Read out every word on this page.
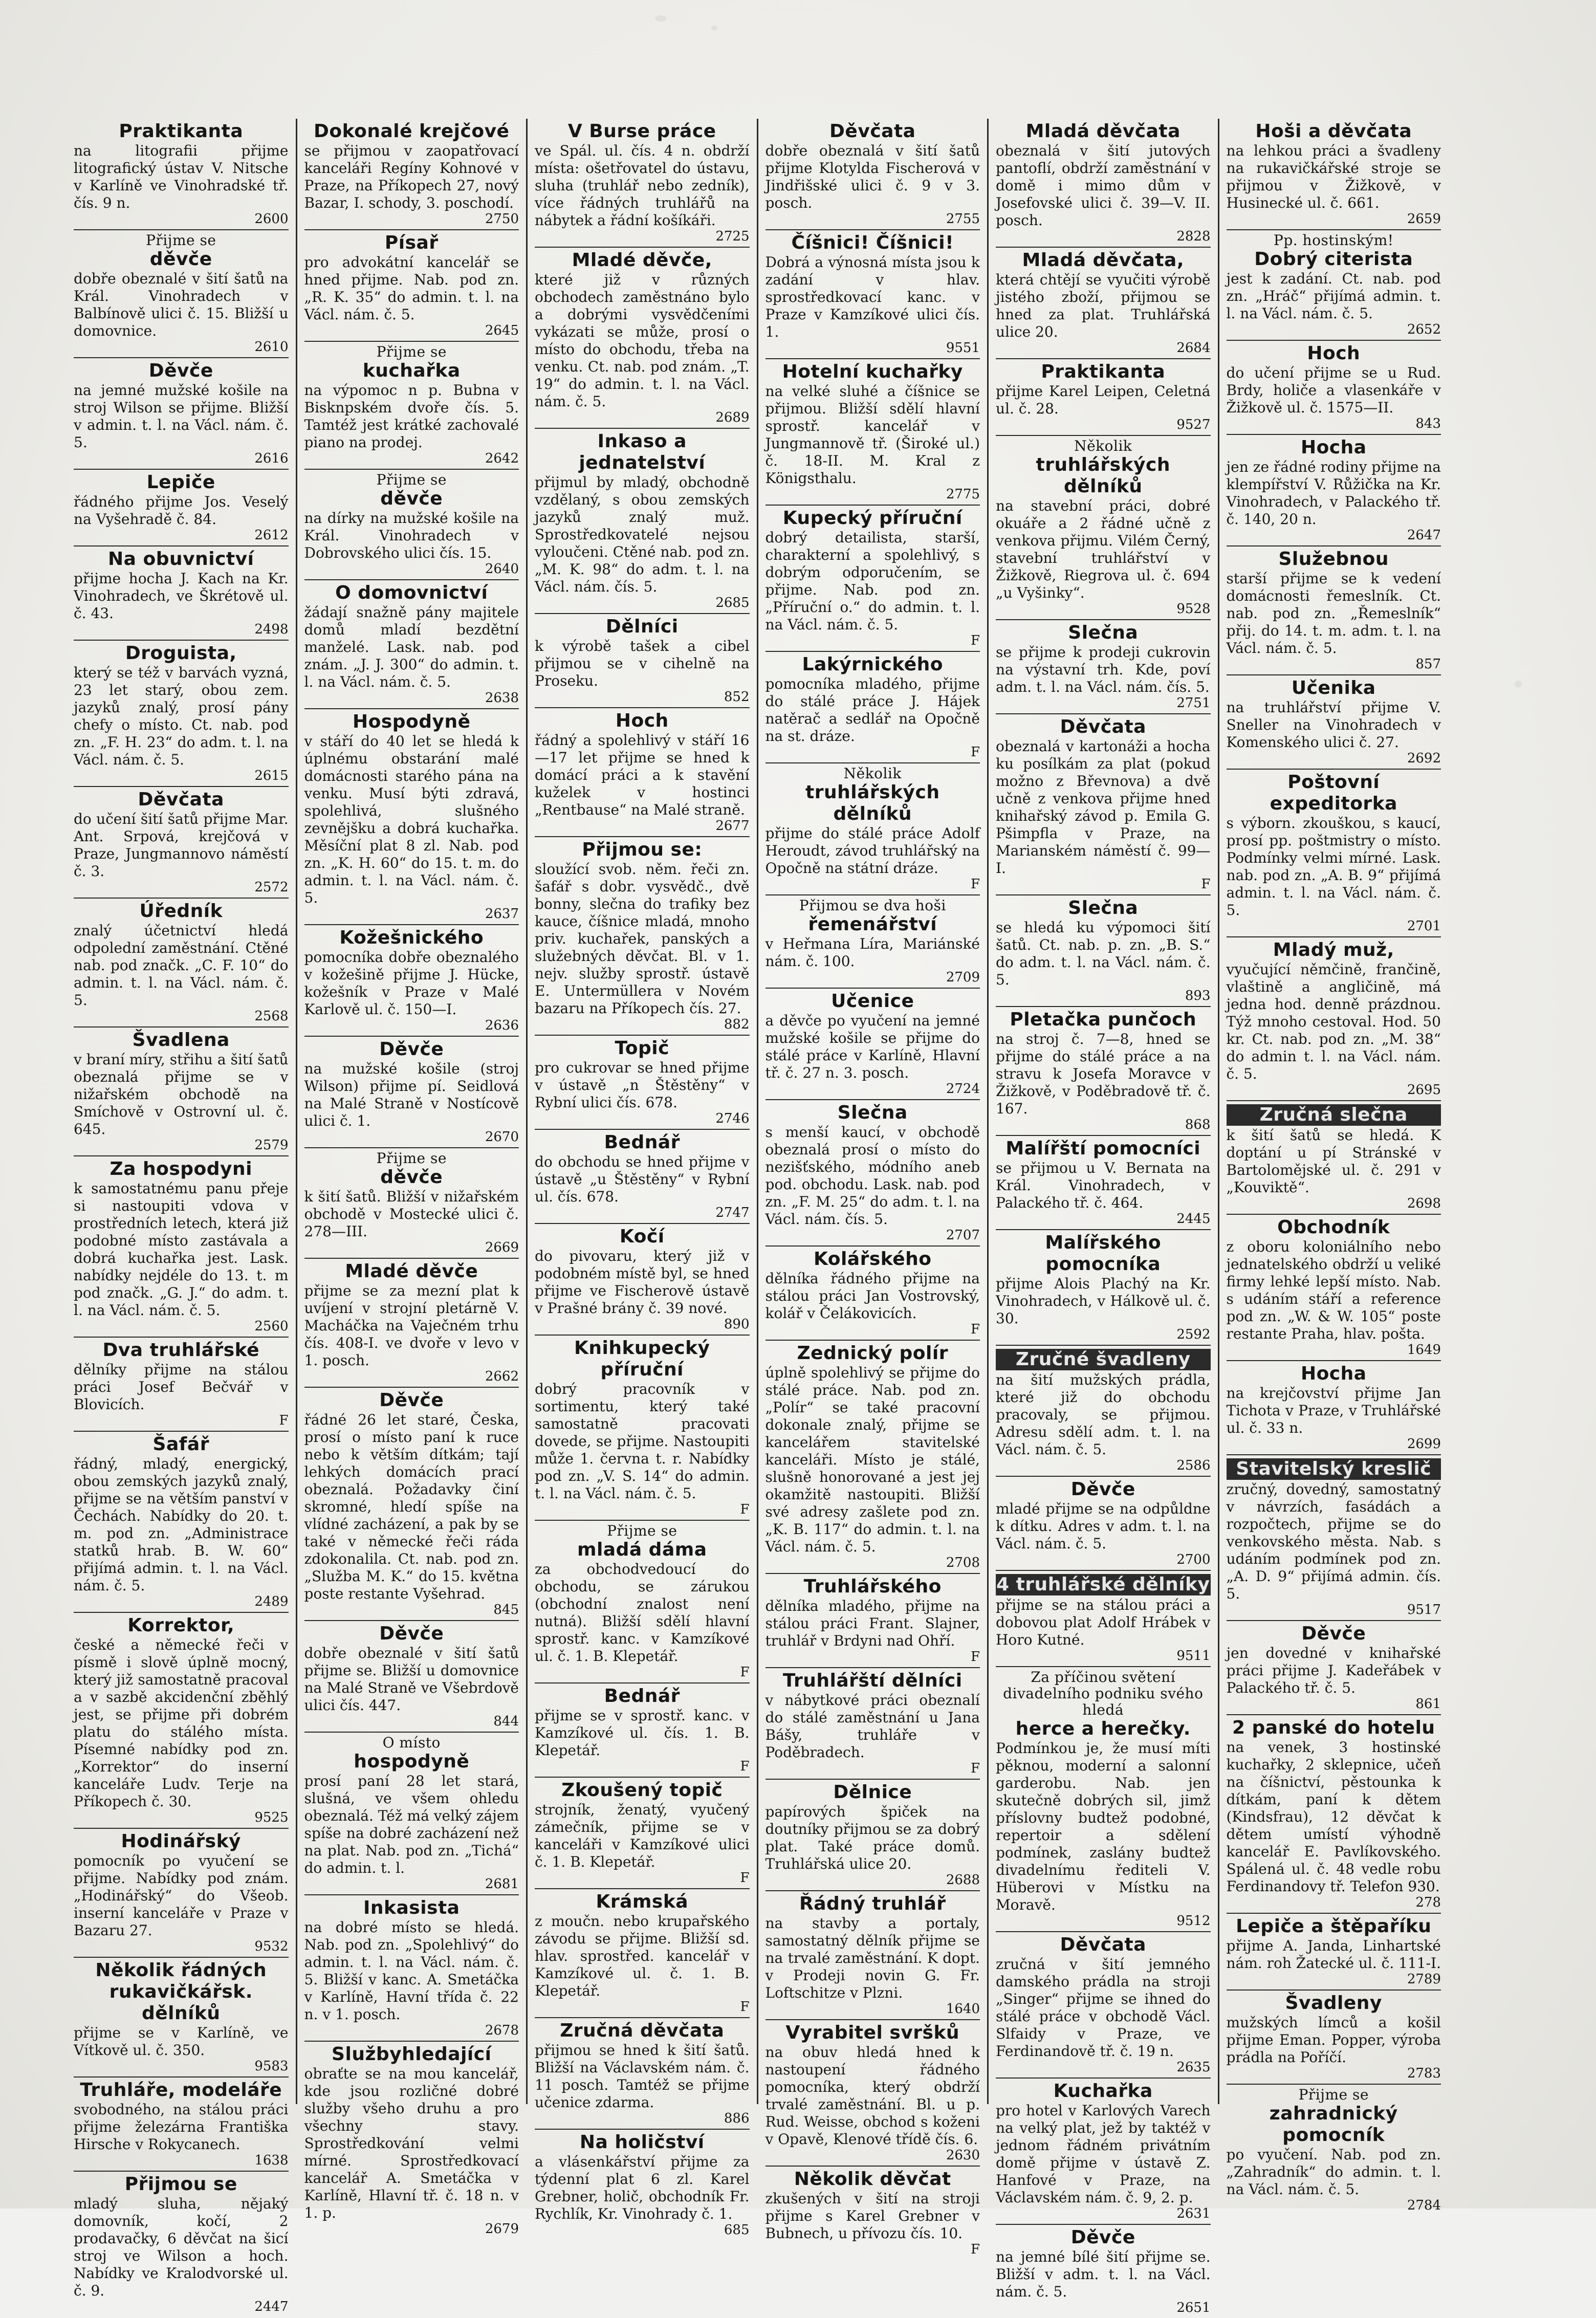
Praktikanta
na litografii přijme litografický ústav V. Nitsche v Karlíně ve Vinohradské tř. čís. 9 n.
2600
Přijme se
děvče
dobře obeznalé v šití šatů na Král. Vinohradech v Balbínově ulici č. 15. Bližší u domovnice.
2610
Děvče
na jemné mužské košile na stroj Wilson se přijme. Bližší v admin. t. l. na Václ. nám. č. 5.
2616
Lepiče
řádného přijme Jos. Veselý na Vyšehradě č. 84.
2612
Na obuvnictví
přijme hocha J. Kach na Kr. Vinohradech, ve Škrétově ul. č. 43.
2498
Droguista,
který se též v barvách vyzná, 23 let starý, obou zem. jazyků znalý, prosí pány chefy o místo. Ct. nab. pod zn. „F. H. 23“ do adm. t. l. na Václ. nám. č. 5.
2615
Děvčata
do učení šití šatů přijme Mar. Ant. Srpová, krejčová v Praze, Jungmannovo náměstí č. 3.
2572
Úředník
znalý účetnictví hledá odpolední zaměstnání. Ctěné nab. pod značk. „C. F. 10“ do admin. t. l. na Václ. nám. č. 5.
2568
Švadlena
v braní míry, střihu a šití šatů obeznalá přijme se v nižařském obchodě na Smíchově v Ostrovní ul. č. 645.
2579
Za hospodyni
k samostatnému panu přeje si nastoupiti vdova v prostředních letech, která již podobné místo zastávala a dobrá kuchařka jest. Lask. nabídky nejdéle do 13. t. m pod značk. „G. J.“ do adm. t. l. na Václ. nám. č. 5.
2560
Dva truhlářské
dělníky přijme na stálou práci Josef Bečvář v Blovicích.
F
Šafář
řádný, mladý, energický, obou zemských jazyků znalý, přijme se na větším panství v Čechách. Nabídky do 20. t. m. pod zn. „Administrace statků hrab. B. W. 60“ přijímá admin. t. l. na Václ. nám. č. 5.
2489
Korrektor,
české a německé řeči v písmě i slově úplně mocný, který již samostatně pracoval a v sazbě akcidenční zběhlý jest, se přijme při dobrém platu do stálého místa. Písemné nabídky pod zn. „Korrektor“ do inserní kanceláře Ludv. Terje na Příkopech č. 30.
9525
Hodinářský
pomocník po vyučení se přijme. Nabídky pod znám. „Hodinářský“ do Všeob. inserní kanceláře v Praze v Bazaru 27.
9532
Několik řádných rukavičkářsk. dělníků
přijme se v Karlíně, ve Vítkově ul. č. 350.
9583
Truhláře, modeláře
svobodného, na stálou práci přijme železárna Františka Hirsche v Rokycanech.
1638
Přijmou se
mladý sluha, nějaký domovník, kočí, 2 prodavačky, 6 děvčat na šicí stroj ve Wilson a hoch. Nabídky ve Kralodvorské ul. č. 9.
2447
Dokonalé krejčové
se přijmou v zaopatřovací kanceláři Regíny Kohnové v Praze, na Příkopech 27, nový Bazar, I. schody, 3. poschodí.
2750
Písař
pro advokátní kancelář se hned přijme. Nab. pod zn. „R. K. 35“ do admin. t. l. na Václ. nám. č. 5.
2645
Přijme se
kuchařka
na výpomoc n p. Bubna v Bisknpském dvoře čís. 5. Tamtéž jest krátké zachovalé piano na prodej.
2642
Přijme se
děvče
na dírky na mužské košile na Král. Vinohradech v Dobrovského ulici čís. 15.
2640
O domovnictví
žádají snažně pány majitele domů mladí bezdětní manželé. Lask. nab. pod znám. „J. J. 300“ do admin. t. l. na Václ. nám. č. 5.
2638
Hospodyně
v stáří do 40 let se hledá k úplnému obstarání malé domácnosti starého pána na venku. Musí býti zdravá, spolehlivá, slušného zevnějšku a dobrá kuchařka. Měsíční plat 8 zl. Nab. pod zn. „K. H. 60“ do 15. t. m. do admin. t. l. na Václ. nám. č. 5.
2637
Kožešnického
pomocníka dobře obeznalého v kožešině přijme J. Hücke, kožešník v Praze v Malé Karlově ul. č. 150—I.
2636
Děvče
na mužské košile (stroj Wilson) přijme pí. Seidlová na Malé Straně v Nostícově ulici č. 1.
2670
Přijme se
děvče
k šití šatů. Bližší v nižařském obchodě v Mostecké ulici č. 278—III.
2669
Mladé děvče
přijme se za mezní plat k uvíjení v strojní pletárně V. Macháčka na Vaječném trhu čís. 408-I. ve dvoře v levo v 1. posch.
2662
Děvče
řádné 26 let staré, Česka, prosí o místo paní k ruce nebo k větším dítkám; tají lehkých domácích prací obeznalá. Požadavky činí skromné, hledí spíše na vlídné zacházení, a pak by se také v německé řeči ráda zdokonalila. Ct. nab. pod zn. „Služba M. K.“ do 15. května poste restante Vyšehrad.
845
Děvče
dobře obeznalé v šití šatů přijme se. Bližší u domovnice na Malé Straně ve Všebrdově ulici čís. 447.
844
O místo
hospodyně
prosí paní 28 let stará, slušná, ve všem ohledu obeznalá. Též má velký zájem spíše na dobré zacházení než na plat. Nab. pod zn. „Tichá“ do admin. t. l.
2681
Inkasista
na dobré místo se hledá. Nab. pod zn. „Spolehlivý“ do admin. t. l. na Václ. nám. č. 5. Bližší v kanc. A. Smetáčka v Karlíně, Havní třída č. 22 n. v 1. posch.
2678
Službyhledající
obraťte se na mou kancelář, kde jsou rozličné dobré služby všeho druhu a pro všechny stavy. Sprostředkování velmi mírné. Sprostředkovací kancelář A. Smetáčka v Karlíně, Hlavní tř. č. 18 n. v 1. p.
2679
V Burse práce
ve Spál. ul. čís. 4 n. obdrží místa: ošetřovatel do ústavu, sluha (truhlář nebo zedník), více řádných truhlářů na nábytek a řádní košíkáři.
2725
Mladé děvče,
které již v různých obchodech zaměstnáno bylo a dobrými vysvědčeními vykázati se může, prosí o místo do obchodu, třeba na venku. Ct. nab. pod znám. „T. 19“ do admin. t. l. na Václ. nám. č. 5.
2689
Inkaso a jednatelství
přijmul by mladý, obchodně vzdělaný, s obou zemských jazyků znalý muž. Sprostředkovatelé nejsou vyloučeni. Ctěné nab. pod zn. „M. K. 98“ do adm. t. l. na Václ. nám. čís. 5.
2685
Dělníci
k výrobě tašek a cibel přijmou se v cihelně na Proseku.
852
Hoch
řádný a spolehlivý v stáří 16—17 let přijme se hned k domácí práci a k stavění kuželek v hostinci „Rentbause“ na Malé straně.
2677
Přijmou se:
sloužící svob. něm. řeči zn. šafář s dobr. vysvědč., dvě bonny, slečna do trafiky bez kauce, číšnice mladá, mnoho priv. kuchařek, panských a služebných děvčat. Bl. v 1. nejv. služby sprostř. ústavě E. Untermüllera v Novém bazaru na Příkopech čís. 27.
882
Topič
pro cukrovar se hned přijme v ústavě „n Štěstěny“ v Rybní ulici čís. 678.
2746
Bednář
do obchodu se hned přijme v ústavě „u Štěstěny“ v Rybní ul. čís. 678.
2747
Kočí
do pivovaru, který již v podobném místě byl, se hned přijme ve Fischerově ústavě v Prašné brány č. 39 nové.
890
Knihkupecký příruční
dobrý pracovník v sortimentu, který také samostatně pracovati dovede, se přijme. Nastoupiti může 1. června t. r. Nabídky pod zn. „V. S. 14“ do admin. t. l. na Václ. nám. č. 5.
F
Přijme se
mladá dáma
za obchodvedoucí do obchodu, se zárukou (obchodní znalost není nutná). Bližší sdělí hlavní sprostř. kanc. v Kamzíkové ul. č. 1. B. Klepetář.
F
Bednář
přijme se v sprostř. kanc. v Kamzíkové ul. čís. 1. B. Klepetář.
F
Zkoušený topič
strojník, ženatý, vyučený zámečník, přijme se v kanceláři v Kamzíkové ulici č. 1. B. Klepetář.
F
Krámská
z moučn. nebo krupařského závodu se přijme. Bližší sd. hlav. sprostřed. kancelář v Kamzíkové ul. č. 1. B. Klepetář.
F
Zručná děvčata
přijmou se hned k šití šatů. Bližší na Václavském nám. č. 11 posch. Tamtéž se přijme učenice zdarma.
886
Na holičství
a vlásenkářství přijme za týdenní plat 6 zl. Karel Grebner, holič, obchodník Fr. Rychlík, Kr. Vinohrady č. 1.
685
Děvčata
dobře obeznalá v šití šatů přijme Klotylda Fischerová v Jindřišské ulici č. 9 v 3. posch.
2755
Číšnici! Číšnici!
Dobrá a výnosná místa jsou k zadání v hlav. sprostředkovací kanc. v Praze v Kamzíkové ulici čís. 1.
9551
Hotelní kuchařky
na velké sluhé a číšnice se přijmou. Bližší sdělí hlavní sprostř. kancelář v Jungmannově tř. (Široké ul.) č. 18-II. M. Kral z Königsthalu.
2775
Kupecký příruční
dobrý detailista, starší, charakterní a spolehlivý, s dobrým odporučením, se přijme. Nab. pod zn. „Příruční o.“ do admin. t. l. na Václ. nám. č. 5.
F
Lakýrnického
pomocníka mladého, přijme do stálé práce J. Hájek natěrač a sedlář na Opočně na st. dráze.
F
Několik
truhlářských dělníků
přijme do stálé práce Adolf Heroudt, závod truhlářský na Opočně na státní dráze.
F
Přijmou se dva hoši
řemenářství
v Heřmana Líra, Mariánské nám. č. 100.
2709
Učenice
a děvče po vyučení na jemné mužské košile se přijme do stálé práce v Karlíně, Hlavní tř. č. 27 n. 3. posch.
2724
Slečna
s menší kaucí, v obchodě obeznalá prosí o místo do nezišťského, módního aneb pod. obchodu. Lask. nab. pod zn. „F. M. 25“ do adm. t. l. na Václ. nám. čís. 5.
2707
Kolářského
dělníka řádného přijme na stálou práci Jan Vostrovský, kolář v Čelákovicích.
F
Zednický polír
úplně spolehlivý se přijme do stálé práce. Nab. pod zn. „Polír“ se také pracovní dokonale znalý, přijme se kancelářem stavitelské kanceláři. Místo je stálé, slušně honorované a jest jej okamžitě nastoupiti. Bližší své adresy zašlete pod zn. „K. B. 117“ do admin. t. l. na Václ. nám. č. 5.
2708
Truhlářského
dělníka mladého, přijme na stálou práci Frant. Slajner, truhlář v Brdyni nad Ohří.
F
Truhlářští dělníci
v nábytkové práci obeznalí do stálé zaměstnání u Jana Bášy, truhláře v Poděbradech.
F
Dělnice
papírových špiček na doutníky přijmou se za dobrý plat. Také práce domů. Truhlářská ulice 20.
2688
Řádný truhlář
na stavby a portaly, samostatný dělník přijme se na trvalé zaměstnání. K dopt. v Prodeji novin G. Fr. Loftschitze v Plzni.
1640
Vyrabitel svršků
na obuv hledá hned k nastoupení řádného pomocníka, který obdrží trvalé zaměstnání. Bl. u p. Rud. Weisse, obchod s koženi v Opavě, Klenové třídě čís. 6.
2630
Několik děvčat
zkušených v šití na stroji přijme s Karel Grebner v Bubnech, u přívozu čís. 10.
F
Mladá děvčata
obeznalá v šití jutových pantoflí, obdrží zaměstnání v domě i mimo dům v Josefovské ulici č. 39—V. II. posch.
2828
Mladá děvčata,
která chtějí se vyučiti výrobě jistého zboží, přijmou se hned za plat. Truhlářská ulice 20.
2684
Praktikanta
přijme Karel Leipen, Celetná ul. č. 28.
9527
Několik
truhlářských dělníků
na stavební práci, dobré okuáře a 2 řádné učně z venkova přijmu. Vilém Černý, stavební truhlářství v Žižkově, Riegrova ul. č. 694 „u Vyšinky“.
9528
Slečna
se přijme k prodeji cukrovin na výstavní trh. Kde, poví adm. t. l. na Václ. nám. čís. 5.
2751
Děvčata
obeznalá v kartonáži a hocha ku posílkám za plat (pokud možno z Břevnova) a dvě učně z venkova přijme hned knihařský závod p. Emila G. Pšimpfla v Praze, na Marianském náměstí č. 99—I.
F
Slečna
se hledá ku výpomoci šití šatů. Ct. nab. p. zn. „B. S.“ do adm. t. l. na Václ. nám. č. 5.
893
Pletačka punčoch
na stroj č. 7—8, hned se přijme do stálé práce a na stravu k Josefa Moravce v Žižkově, v Poděbradově tř. č. 167.
868
Malířští pomocníci
se přijmou u V. Bernata na Král. Vinohradech, v Palackého tř. č. 464.
2445
Malířského pomocníka
přijme Alois Plachý na Kr. Vinohradech, v Hálkově ul. č. 30.
2592
Zručné švadleny
na šití mužských prádla, které již do obchodu pracovaly, se přijmou. Adresu sdělí adm. t. l. na Václ. nám. č. 5.
2586
Děvče
mladé přijme se na odpůldne k dítku. Adres v adm. t. l. na Václ. nám. č. 5.
2700
4 truhlářské dělníky
přijme se na stálou práci a dobovou plat Adolf Hrábek v Horo Kutné.
9511
Za příčinou světení divadelního podniku svého hledá
herce a herečky.
Podmínkou je, že musí míti pěknou, moderní a salonní garderobu. Nab. jen skutečně dobrých sil, jimž příslovny budtež podobné, repertoir a sdělení podmínek, zaslány budtež divadelnímu řediteli V. Hüberovi v Místku na Moravě.
9512
Děvčata
zručná v šití jemného damského prádla na stroji „Singer“ přijme se ihned do stálé práce v obchodě Václ. Slfaidy v Praze, ve Ferdinandově tř. č. 19 n.
2635
Kuchařka
pro hotel v Karlových Varech na velký plat, jež by taktéž v jednom řádném privátním domě přijme v ústavě Z. Hanfové v Praze, na Václavském nám. č. 9, 2. p.
2631
Děvče
na jemné bílé šití přijme se. Bližší v adm. t. l. na Václ. nám. č. 5.
2651
Hoši a děvčata
na lehkou práci a švadleny na rukavičkářské stroje se přijmou v Žižkově, v Husinecké ul. č. 661.
2659
Pp. hostinským!
Dobrý citerista
jest k zadání. Ct. nab. pod zn. „Hráč“ přijímá admin. t. l. na Václ. nám. č. 5.
2652
Hoch
do učení přijme se u Rud. Brdy, holiče a vlasenkáře v Žižkově ul. č. 1575—II.
843
Hocha
jen ze řádné rodiny přijme na klempířství V. Růžička na Kr. Vinohradech, v Palackého tř. č. 140, 20 n.
2647
Služebnou
starší přijme se k vedení domácnosti řemeslník. Ct. nab. pod zn. „Řemeslník“ přij. do 14. t. m. adm. t. l. na Václ. nám. č. 5.
857
Učenika
na truhlářství přijme V. Sneller na Vinohradech v Komenského ulici č. 27.
2692
Poštovní expeditorka
s výborn. zkouškou, s kaucí, prosí pp. poštmistry o místo. Podmínky velmi mírné. Lask. nab. pod zn. „A. B. 9“ přijímá admin. t. l. na Václ. nám. č. 5.
2701
Mladý muž,
vyučující němčině, frančině, vlaštině a angličině, má jedna hod. denně prázdnou. Týž mnoho cestoval. Hod. 50 kr. Ct. nab. pod zn. „M. 38“ do admin t. l. na Václ. nám. č. 5.
2695
Zručná slečna
k šití šatů se hledá. K doptání u pí Stránské v Bartolomějské ul. č. 291 v „Kouviktě“.
2698
Obchodník
z oboru koloniálního nebo jednatelského obdrží u veliké firmy lehké lepší místo. Nab. s udáním stáří a reference pod zn. „W. & W. 105“ poste restante Praha, hlav. pošta.
1649
Hocha
na krejčovství přijme Jan Tichota v Praze, v Truhlářské ul. č. 33 n.
2699
Stavitelský kreslič
zručný, dovedný, samostatný v návrzích, fasádách a rozpočtech, přijme se do venkovského města. Nab. s udáním podmínek pod zn. „A. D. 9“ přijímá admin. čís. 5.
9517
Děvče
jen dovedné v knihařské práci přijme J. Kadeřábek v Palackého tř. č. 5.
861
2 panské do hotelu
na venek, 3 hostinské kuchařky, 2 sklepnice, učeň na číšnictví, pěstounka k dítkám, paní k dětem (Kindsfrau), 12 děvčat k dětem umístí výhodně kancelář E. Pavlíkovského. Spálená ul. č. 48 vedle robu Ferdinandovy tř. Telefon 930.
278
Lepiče a štěpaříku
přijme A. Janda, Linhartské nám. roh Žatecké ul. č. 111-I.
2789
Švadleny
mužských límců a košil přijme Eman. Popper, výroba prádla na Poříčí.
2783
Přijme se
zahradnický pomocník
po vyučení. Nab. pod zn. „Zahradník“ do admin. t. l. na Václ. nám. č. 5.
2784
